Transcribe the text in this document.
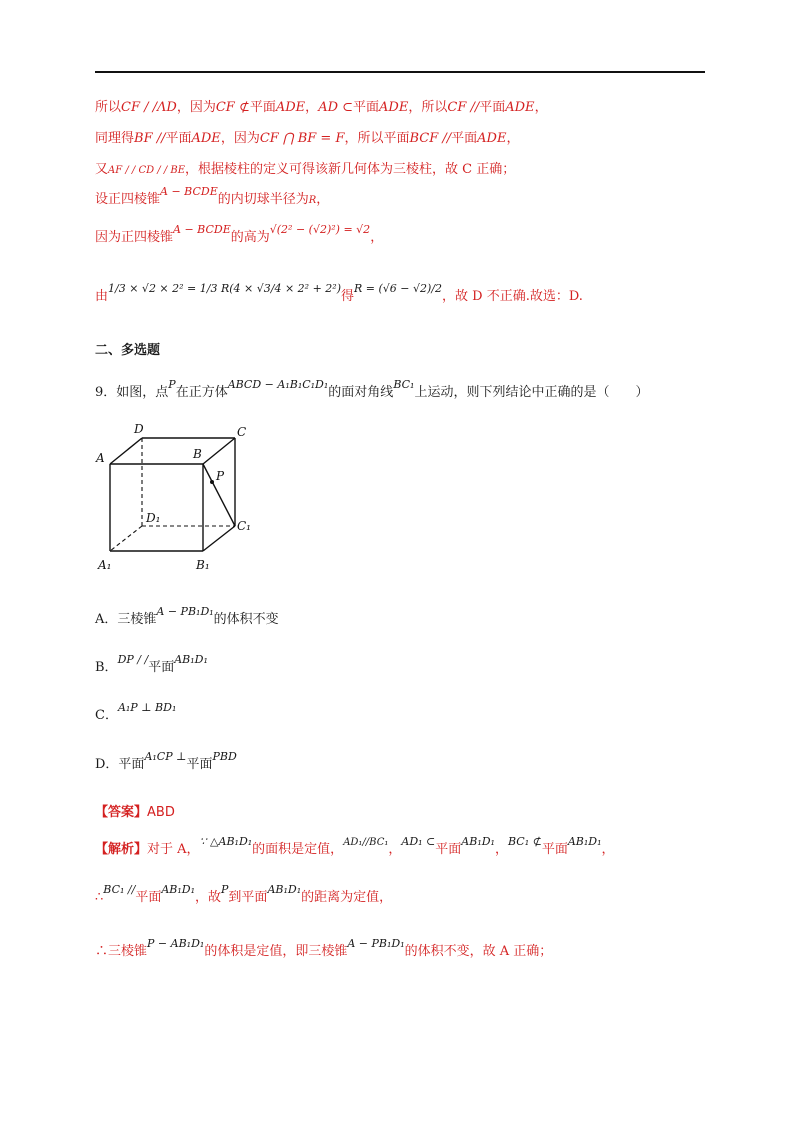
所以CF / /ΛD，因为CF ⊄平面ADE，AD ⊂平面ADE，所以CF //平面ADE，
同理得BF //平面ADE，因为CF ⋂ BF = F，所以平面BCF //平面ADE，
又AF / / CD / / BE，根据棱柱的定义可得该新几何体为三棱柱，故 C 正确；
设正四棱锥$^{A - BCDE}$的内切球半径为R，
因为正四棱锥$^{A - BCDE}$的高为$^{√(2^2 - (√2)^2) = √2}$，
由$^{1/3 \times √2 \times 2^2 = 1/3 R(4 \times √3/4 \times 2^2 + 2^2)}$得$^{R = (√6 - √2)/2}$，故 D 不正确.故选：D.
二、多选题
9．如图，点$^P$在正方体$^{ABCD - A_1B_1C_1D_1}$的面对角线$^{BC_1}$上运动，则下列结论中正确的是（　　）
D	C
A	B
P
D₁
C₁
A₁	B₁
A．三棱锥$^{A - PB_1D_1}$的体积不变
B．$^{DP / /}$平面$^{AB_1D_1}$
C．$^{A_1P \perp BD_1}$
D．平面$^{A_1CP \perp}$平面$^{PBD}$
【答案】ABD
【解析】对于 A，$^{\because \triangle AB_1D_1}$的面积是定值，$^{AD_1//BC_1}$，$^{AD_1 \subset}$平面$^{AB_1D_1}$，$^{BC_1 ⊄}$平面$^{AB_1D_1}$，
∴$^{BC_1 //}$平面$^{AB_1D_1}$，故$^P$到平面$^{AB_1D_1}$的距离为定值，
∴三棱锥$^{P - AB_1D_1}$的体积是定值，即三棱锥$^{A - PB_1D_1}$的体积不变，故 A 正确；
